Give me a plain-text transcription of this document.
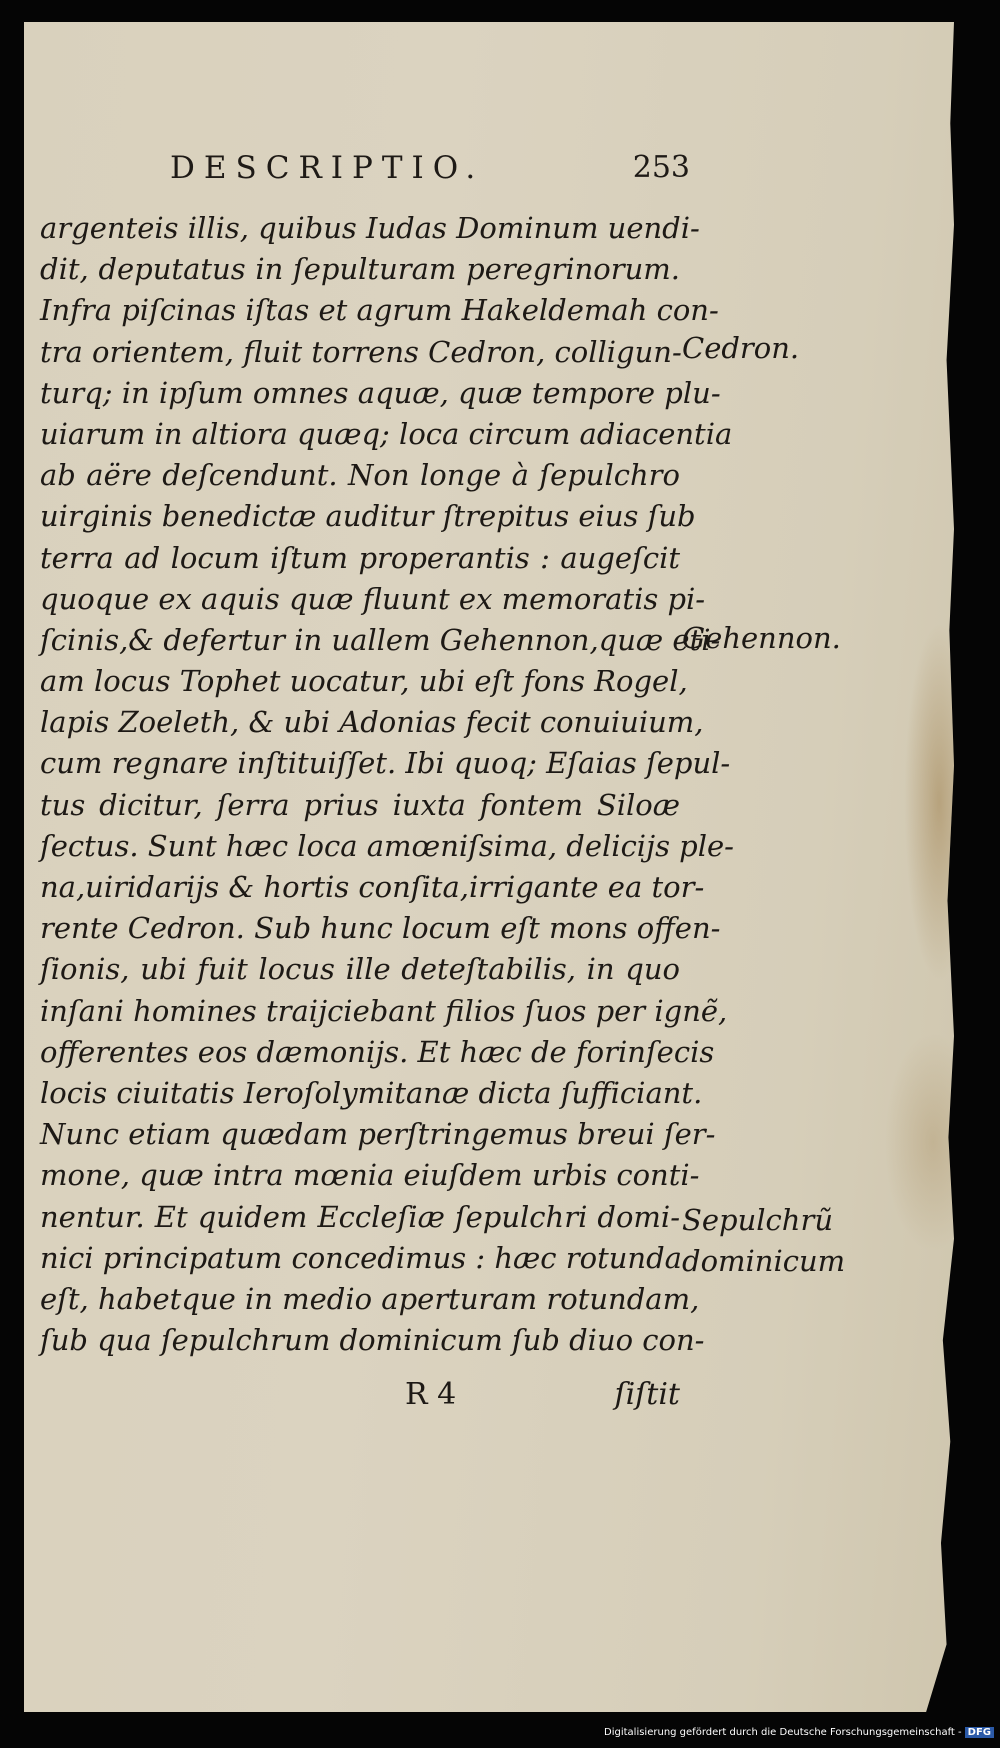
DESCRIPTIO.	253
argenteis illis, quibus Iudas Dominum uendi-
dit, deputatus in ſepulturam peregrinorum.
Infra piſcinas iſtas et agrum Hakeldemah con-
tra orientem, fluit torrens Cedron, colligun-
turq; in ipſum omnes aquæ, quæ tempore plu-
uiarum in altiora quæq; loca circum adiacentia
ab aëre deſcendunt. Non longe à ſepulchro
uirginis benedictæ auditur ſtrepitus eius ſub
terra ad locum iſtum properantis : augeſcit
quoque ex aquis quæ fluunt ex memoratis pi-
ſcinis,& defertur in uallem Gehennon,quæ eti-
am locus Tophet uocatur, ubi eſt fons Rogel,
lapis Zoeleth, & ubi Adonias fecit conuiuium,
cum regnare inſtituiſſet. Ibi quoq; Eſaias ſepul-
tus dicitur, ſerra prius iuxta fontem Siloæ
ſectus. Sunt hæc loca amœniſsima, delicijs ple-
na,uiridarijs & hortis conſita,irrigante ea tor-
rente Cedron. Sub hunc locum eſt mons offen-
ſionis, ubi fuit locus ille deteſtabilis, in quo
inſani homines traijciebant filios ſuos per ignẽ,
offerentes eos dæmonijs. Et hæc de forinſecis
locis ciuitatis Ieroſolymitanæ dicta ſufficiant.
Nunc etiam quædam perſtringemus breui ſer-
mone, quæ intra mœnia eiuſdem urbis conti-
nentur. Et quidem Eccleſiæ ſepulchri domi-
nici principatum concedimus : hæc rotunda
eſt, habetque in medio aperturam rotundam,
ſub qua ſepulchrum dominicum ſub diuo con-
Cedron.
Gehennon.
Sepulchrũ
dominicum
R 4	ſiſtit
Digitalisierung gefördert durch die Deutsche Forschungsgemeinschaft - DFG
